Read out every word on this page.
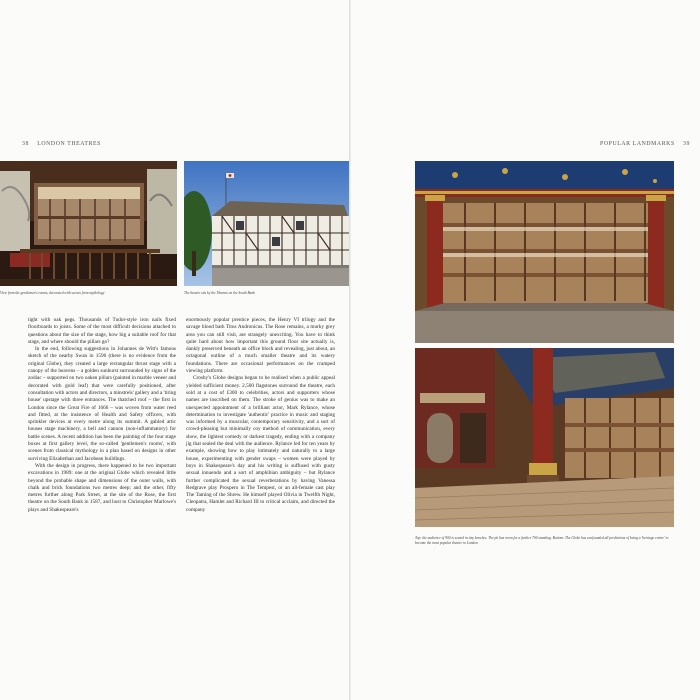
38 LONDON THEATRES
View from the gentlemen's rooms, decorated with scenes from mythology	The theatre sits by the Thames on the South Bank

tight with oak pegs. Thousands of Tudor-style iron nails fixed floorboards to joists. Some of the most difficult decisions attached to questions about the size of the stage, how big a suitable roof for that stage, and where should the pillars go?

In the end, following suggestions in Johannes de Witt's famous sketch of the nearby Swan in 1596 (there is no evidence from the original Globe), they created a large rectangular thrust stage with a canopy of the heavens – a golden sunburst surrounded by signs of the zodiac – supported on two oaken pillars (painted in marble veneer and decorated with gold leaf) that were carefully positioned, after consultation with actors and directors, a minstrels' gallery and a 'tiring house' upstage with three entrances. The thatched roof – the first in London since the Great Fire of 1666 – was woven from water reed and fitted, at the insistence of Health and Safety officers, with sprinkler devices at every metre along its summit. A gabled attic houses stage machinery, a bell and cannon (non-inflammatory) for battle scenes. A recent addition has been the painting of the four stage boxes at first gallery level, the so-called 'gentlemen's rooms', with scenes from classical mythology in a plan based on designs in other surviving Elizabethan and Jacobean buildings.

With the design in progress, there happened to be two important excavations in 1989: one at the original Globe which revealed little beyond the probable shape and dimensions of the outer walls, with chalk and brick foundations two metres deep; and the other, fifty metres further along Park Street, at the site of the Rose, the first theatre on the South Bank in 1587, and host to Christopher Marlowe's plays and Shakespeare's

enormously popular prentice pieces, the Henry VI trilogy and the savage blood bath Titus Andronicus. The Rose remains, a murky grey area you can still visit, are strangely unexciting. You have to think quite hard about how important this ground floor site actually is, dankly preserved beneath an office block and revealing, just about, an octagonal outline of a much smaller theatre and its watery foundations. There are occasional performances on the cramped viewing platform.

Crosby's Globe designs began to be realised when a public appeal yielded sufficient money. 2,500 flagstones surround the theatre, each sold at a cost of £300 to celebrities, actors and supporters whose names are inscribed on them. The stroke of genius was to make an unexpected appointment of a brilliant actor, Mark Rylance, whose determination to investigate 'authentic' practice in music and staging was informed by a muscular, contemporary sensitivity, and a sort of crowd-pleasing but minimally coy method of communication, every show, the lightest comedy or darkest tragedy, ending with a company jig that sealed the deal with the audience. Rylance led for ten years by example, showing how to play intimately and naturally to a large house, experimenting with gender swaps – women were played by boys in Shakespeare's day and his writing is suffused with gusty sexual innuendo and a sort of amphibian ambiguity – but Rylance further complicated the sexual reverberations by having Vanessa Redgrave play Prospero in The Tempest, or an all-female cast play The Taming of the Shrew. He himself played Olivia in Twelfth Night, Cleopatra, Hamlet and Richard III to critical acclaim, and directed the company

POPULAR LANDMARKS 39
Top: the audience of 900 is seated in tiny benches. The pit has room for a further 700 standing. Bottom: The Globe has confounded all predictions of being a 'heritage centre' to become the most popular theatre in London
